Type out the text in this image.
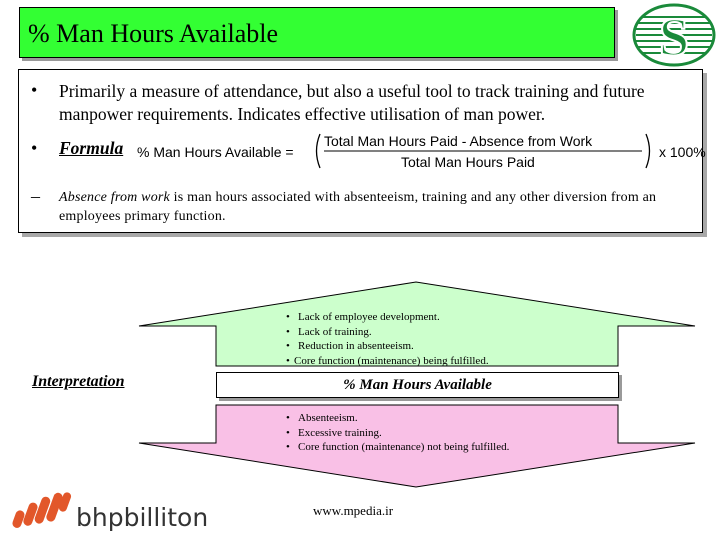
% Man Hours Available	S
• Primarily a measure of attendance, but also a useful tool to track training and future manpower requirements. Indicates effective utilisation of man power.
• Formula % Man Hours Available =
Total Man Hours Paid - Absence from Work
Total Man Hours Paid
x 100%
– Absence from work is man hours associated with absenteeism, training and any other diversion from an employees primary function.
Interpretation	% Man Hours Available
• Lack of employee development.
• Lack of training.
• Reduction in absenteeism.
• Core function (maintenance) being fulfilled.
• Absenteeism.
• Excessive training.
• Core function (maintenance) not being fulfilled.
bhpbilliton	www.mpedia.ir
